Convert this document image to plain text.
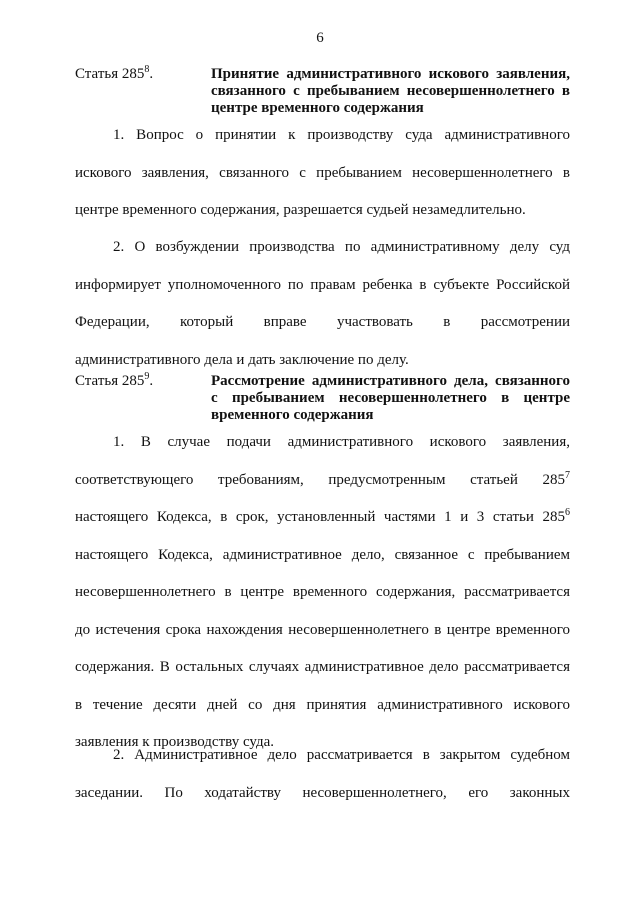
6
Статья $285^8$.	Принятие административного искового заявления, связанного с пребыванием несовершеннолетнего в центре временного содержания
1. Вопрос о принятии к производству суда административного
искового заявления, связанного с пребыванием несовершеннолетнего в
центре временного содержания, разрешается судьей незамедлительно.
2. О возбуждении производства по административному делу суд
информирует уполномоченного по правам ребенка в субъекте Российской
Федерации, который вправе участвовать в рассмотрении
административного дела и дать заключение по делу.
Статья $285^9$.	Рассмотрение административного дела, связанного с пребыванием несовершеннолетнего в центре временного содержания
1. В случае подачи административного искового заявления,
соответствующего требованиям, предусмотренным статьей $285^7$
настоящего Кодекса, в срок, установленный частями 1 и 3 статьи $285^6$
настоящего Кодекса, административное дело, связанное с пребыванием
несовершеннолетнего в центре временного содержания, рассматривается
до истечения срока нахождения несовершеннолетнего в центре временного
содержания. В остальных случаях административное дело рассматривается
в течение десяти дней со дня принятия административного искового
заявления к производству суда.
2. Административное дело рассматривается в закрытом судебном
заседании. По ходатайству несовершеннолетнего, его законных
